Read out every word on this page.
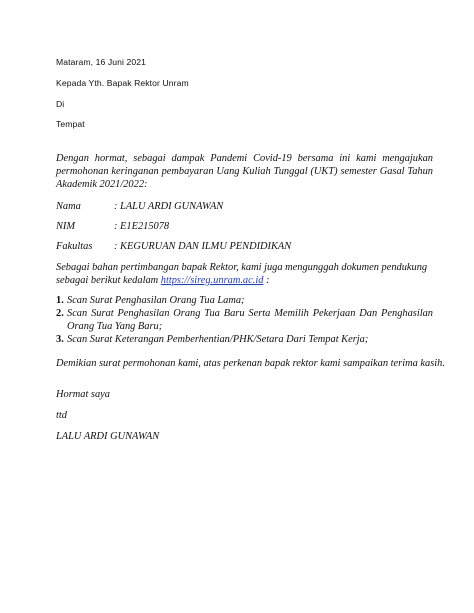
Mataram, 16 Juni 2021
Kepada Yth. Bapak Rektor Unram
Di
Tempat
Dengan hormat, sebagai dampak Pandemi Covid-19 bersama ini kami mengajukan permohonan keringanan pembayaran Uang Kuliah Tunggal (UKT) semester Gasal Tahun Akademik 2021/2022:
Nama	: LALU ARDI GUNAWAN
NIM	: E1E215078
Fakultas : KEGURUAN DAN ILMU PENDIDIKAN
Sebagai bahan pertimbangan bapak Rektor, kami juga mengunggah dokumen pendukung
sebagai berikut kedalam https://sireg.unram.ac.id :
1. Scan Surat Penghasilan Orang Tua Lama;
2. Scan Surat Penghasilan Orang Tua Baru Serta Memilih Pekerjaan Dan Penghasilan Orang Tua Yang Baru;
3. Scan Surat Keterangan Pemberhentian/PHK/Setara Dari Tempat Kerja;
Demikian surat permohonan kami, atas perkenan bapak rektor kami sampaikan terima kasih.
Hormat saya
ttd
LALU ARDI GUNAWAN
